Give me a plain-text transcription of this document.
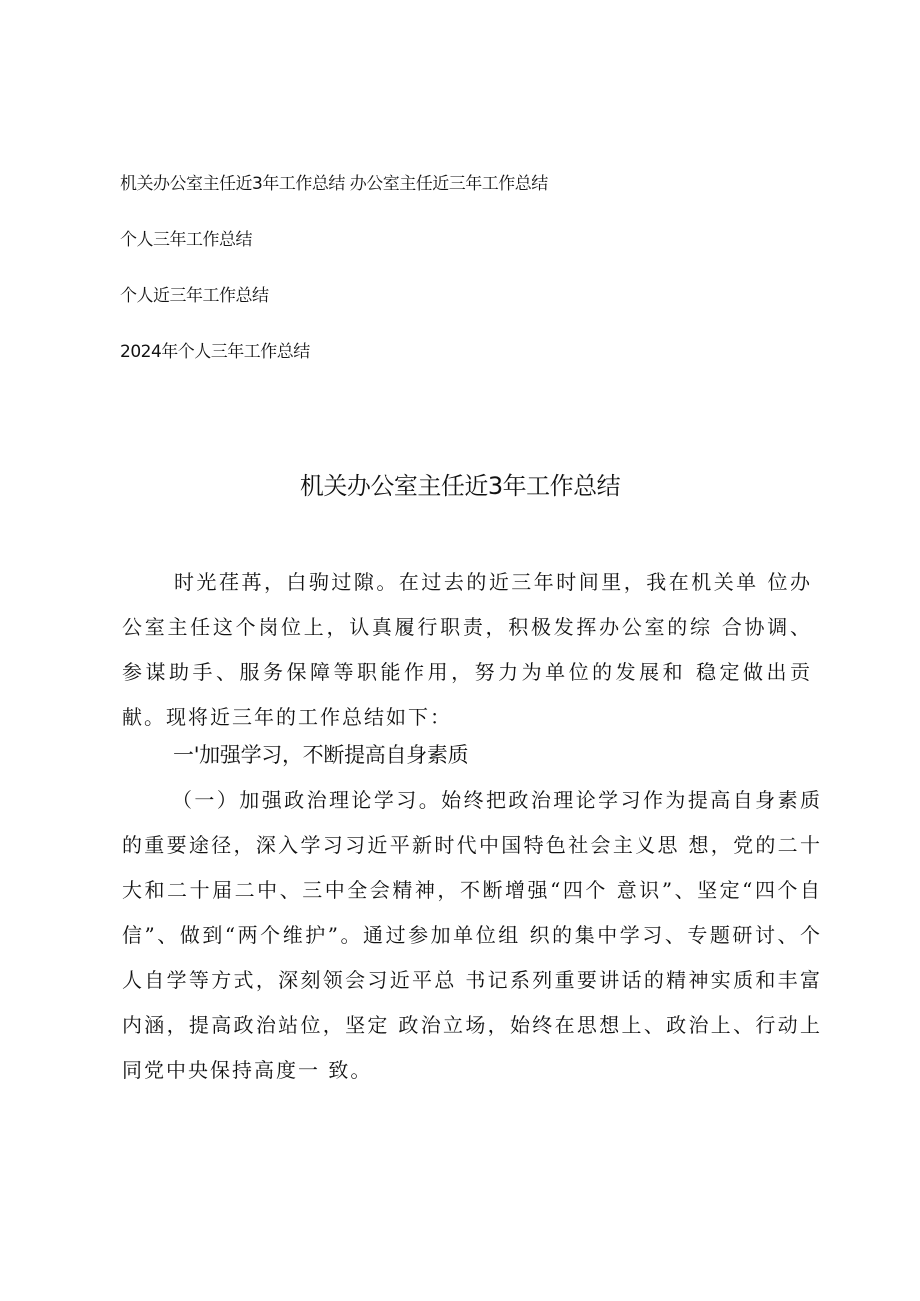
机关办公室主任近3年工作总结 办公室主任近三年工作总结
个人三年工作总结
个人近三年工作总结
2024年个人三年工作总结
机关办公室主任近3年工作总结

时光荏苒，白驹过隙。在过去的近三年时间里，我在机关单 位办公室主任这个岗位上，认真履行职责，积极发挥办公室的综 合协调、参谋助手、服务保障等职能作用，努力为单位的发展和 稳定做出贡献。现将近三年的工作总结如下：

一'加强学习，不断提高自身素质

（一）加强政治理论学习。始终把政治理论学习作为提高自身素质的重要途径，深入学习习近平新时代中国特色社会主义思 想，党的二十大和二十届二中、三中全会精神，不断增强“四个 意识”、坚定“四个自信”、做到“两个维护”。通过参加单位组 织的集中学习、专题研讨、个人自学等方式，深刻领会习近平总 书记系列重要讲话的精神实质和丰富内涵，提高政治站位，坚定 政治立场，始终在思想上、政治上、行动上同党中央保持高度一 致。
